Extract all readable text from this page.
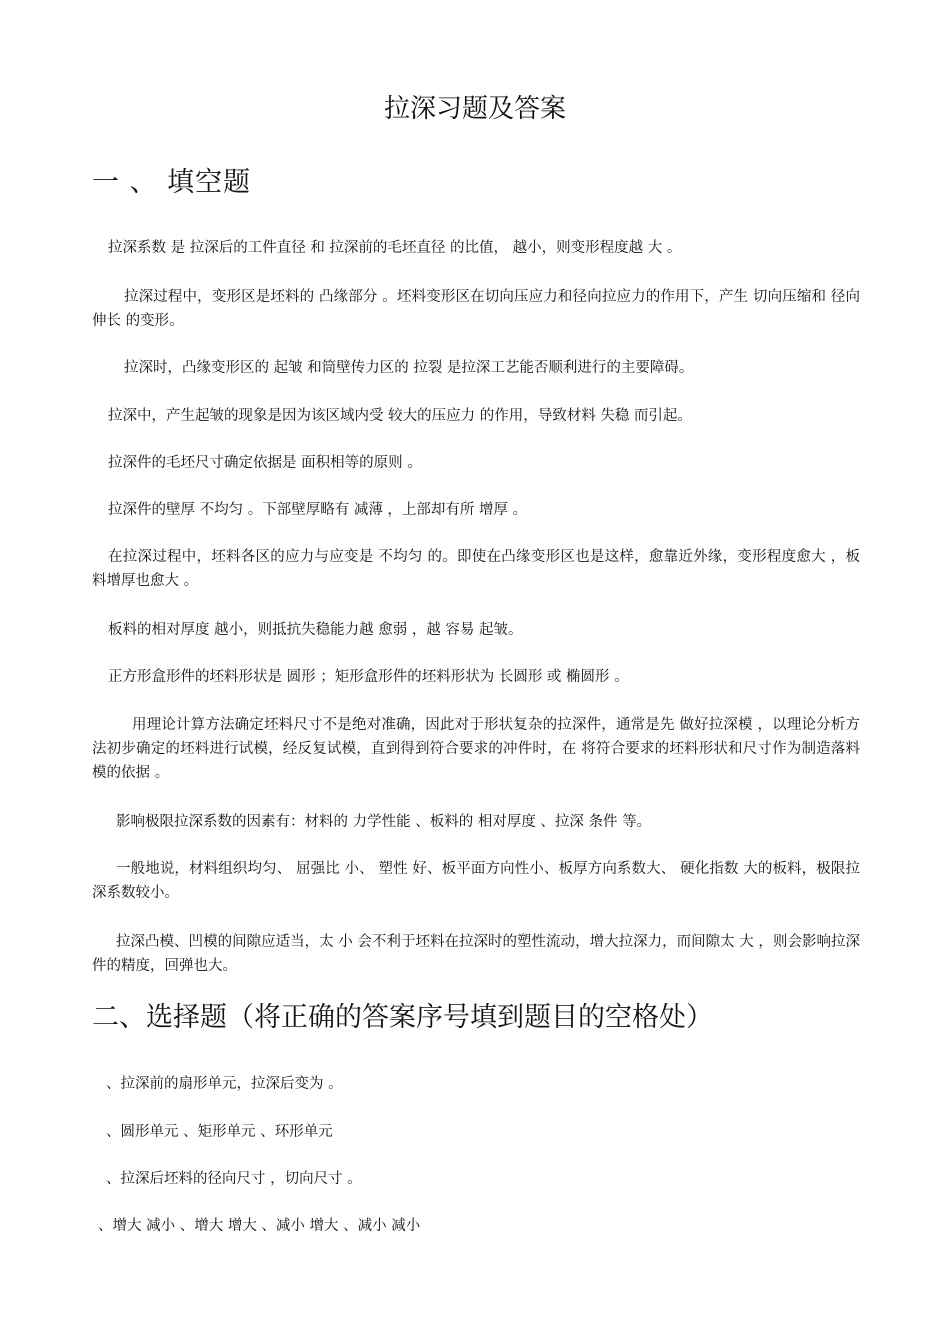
拉深习题及答案
一 、 填空题

拉深系数 是 拉深后的工件直径 和 拉深前的毛坯直径 的比值， 越小，则变形程度越 大 。

拉深过程中，变形区是坯料的 凸缘部分 。坯料变形区在切向压应力和径向拉应力的作用下，产生 切向压缩和 径向伸长 的变形。

拉深时，凸缘变形区的 起皱 和筒壁传力区的 拉裂 是拉深工艺能否顺利进行的主要障碍。

拉深中，产生起皱的现象是因为该区域内受 较大的压应力 的作用，导致材料 失稳 而引起。

拉深件的毛坯尺寸确定依据是 面积相等的原则 。

拉深件的壁厚 不均匀 。下部壁厚略有 减薄 ，上部却有所 增厚 。

在拉深过程中，坯料各区的应力与应变是 不均匀 的。即使在凸缘变形区也是这样，愈靠近外缘，变形程度愈大 ，板料增厚也愈大 。

板料的相对厚度 越小，则抵抗失稳能力越 愈弱 ，越 容易 起皱。

正方形盒形件的坯料形状是 圆形 ；矩形盒形件的坯料形状为 长圆形 或 椭圆形 。

用理论计算方法确定坯料尺寸不是绝对准确，因此对于形状复杂的拉深件，通常是先 做好拉深模 ，以理论分析方法初步确定的坯料进行试模，经反复试模，直到得到符合要求的冲件时，在 将符合要求的坯料形状和尺寸作为制造落料模的依据 。

影响极限拉深系数的因素有：材料的 力学性能 、板料的 相对厚度 、拉深 条件 等。

一般地说，材料组织均匀、 屈强比 小、 塑性 好、板平面方向性小、板厚方向系数大、 硬化指数 大的板料，极限拉深系数较小。

拉深凸模、凹模的间隙应适当，太 小 会不利于坯料在拉深时的塑性流动，增大拉深力，而间隙太 大 ，则会影响拉深件的精度，回弹也大。

二、选择题（将正确的答案序号填到题目的空格处）

、拉深前的扇形单元，拉深后变为 。

、圆形单元 、矩形单元 、环形单元

、拉深后坯料的径向尺寸 ，切向尺寸 。

、增大 减小 、增大 增大 、减小 增大 、减小 减小
